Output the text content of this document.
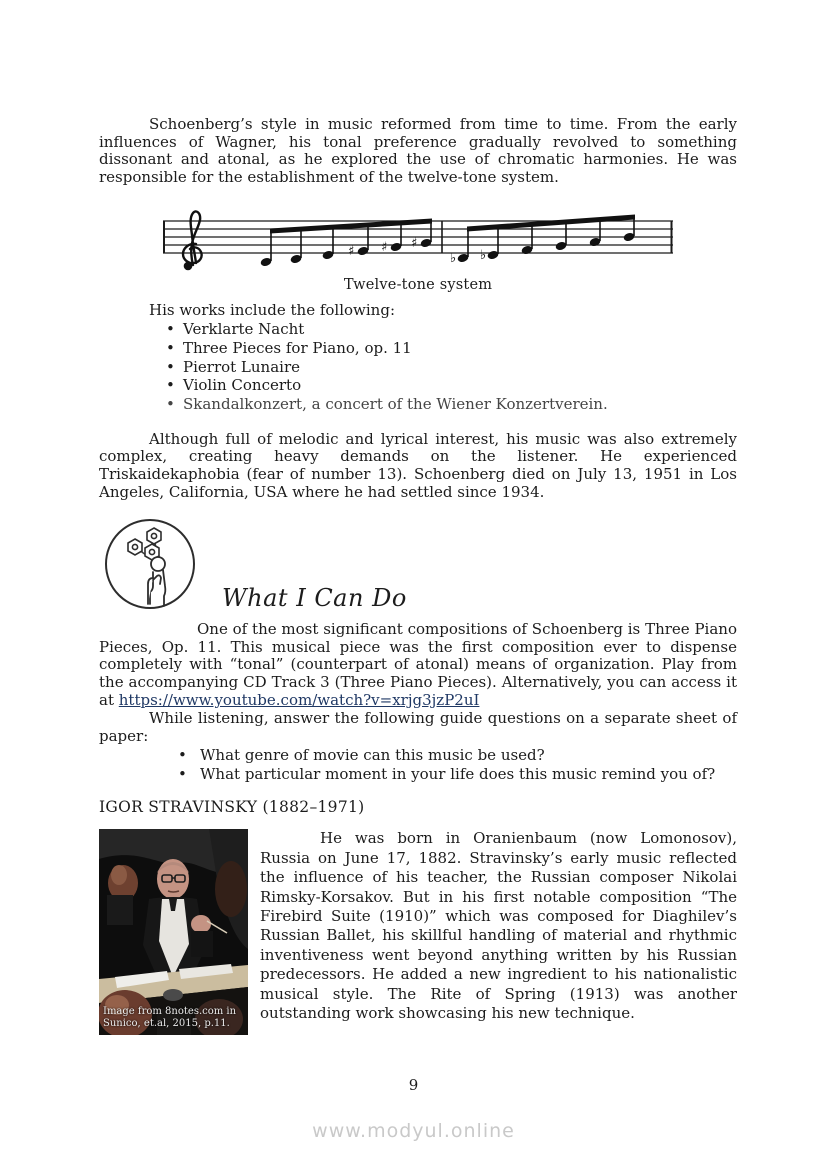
Schoenberg’s style in music reformed from time to time. From the early influences of Wagner, his tonal preference gradually revolved to something dissonant and atonal, as he explored the use of chromatic harmonies. He was responsible for the establishment of the twelve-tone system.

♯ ♯ ♯
♭ ♭
Twelve-tone system

His works include the following:

• Verklarte Nacht
• Three Pieces for Piano, op. 11
• Pierrot Lunaire
• Violin Concerto
• Skandalkonzert, a concert of the Wiener Konzertverein.

Although full of melodic and lyrical interest, his music was also extremely complex, creating heavy demands on the listener. He experienced Triskaidekaphobia (fear of number 13). Schoenberg died on July 13, 1951 in Los Angeles, California, USA where he had settled since 1934.

What I Can Do

One of the most significant compositions of Schoenberg is Three Piano Pieces, Op. 11. This musical piece was the first composition ever to dispense completely with “tonal” (counterpart of atonal) means of organization. Play from the accompanying CD Track 3 (Three Piano Pieces). Alternatively, you can access it at https://www.youtube.com/watch?v=xrjg3jzP2uI

While listening, answer the following guide questions on a separate sheet of paper:

• What genre of movie can this music be used?
• What particular moment in your life does this music remind you of?
IGOR STRAVINSKY (1882–1971)
Image from 8notes.com in Sunico, et.al, 2015, p.11.

He was born in Oranienbaum (now Lomonosov), Russia on June 17, 1882. Stravinsky’s early music reflected the influence of his teacher, the Russian composer Nikolai Rimsky-Korsakov. But in his first notable composition “The Firebird Suite (1910)” which was composed for Diaghilev’s Russian Ballet, his skillful handling of material and rhythmic inventiveness went beyond anything written by his Russian predecessors. He added a new ingredient to his nationalistic musical style. The Rite of Spring (1913) was another outstanding work showcasing his new technique.

9
www.modyul.online
